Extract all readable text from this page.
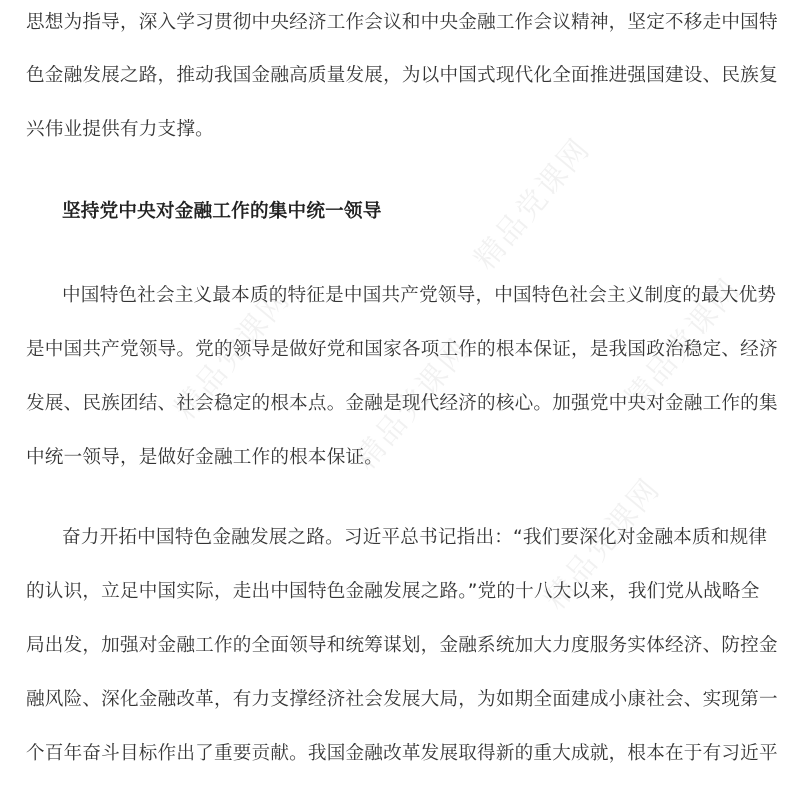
思想为指导，深入学习贯彻中央经济工作会议和中央金融工作会议精神，坚定不移走中国特
色金融发展之路，推动我国金融高质量发展，为以中国式现代化全面推进强国建设、民族复
兴伟业提供有力支撑。
坚持党中央对金融工作的集中统一领导
中国特色社会主义最本质的特征是中国共产党领导，中国特色社会主义制度的最大优势
是中国共产党领导。党的领导是做好党和国家各项工作的根本保证，是我国政治稳定、经济
发展、民族团结、社会稳定的根本点。金融是现代经济的核心。加强党中央对金融工作的集
中统一领导，是做好金融工作的根本保证。
奋力开拓中国特色金融发展之路。习近平总书记指出：“我们要深化对金融本质和规律
的认识，立足中国实际，走出中国特色金融发展之路。”党的十八大以来，我们党从战略全
局出发，加强对金融工作的全面领导和统筹谋划，金融系统加大力度服务实体经济、防控金
融风险、深化金融改革，有力支撑经济社会发展大局，为如期全面建成小康社会、实现第一
个百年奋斗目标作出了重要贡献。我国金融改革发展取得新的重大成就，根本在于有习近平
精品党课网
精品党课网
精品党课网	精品党课网
精品党课网
